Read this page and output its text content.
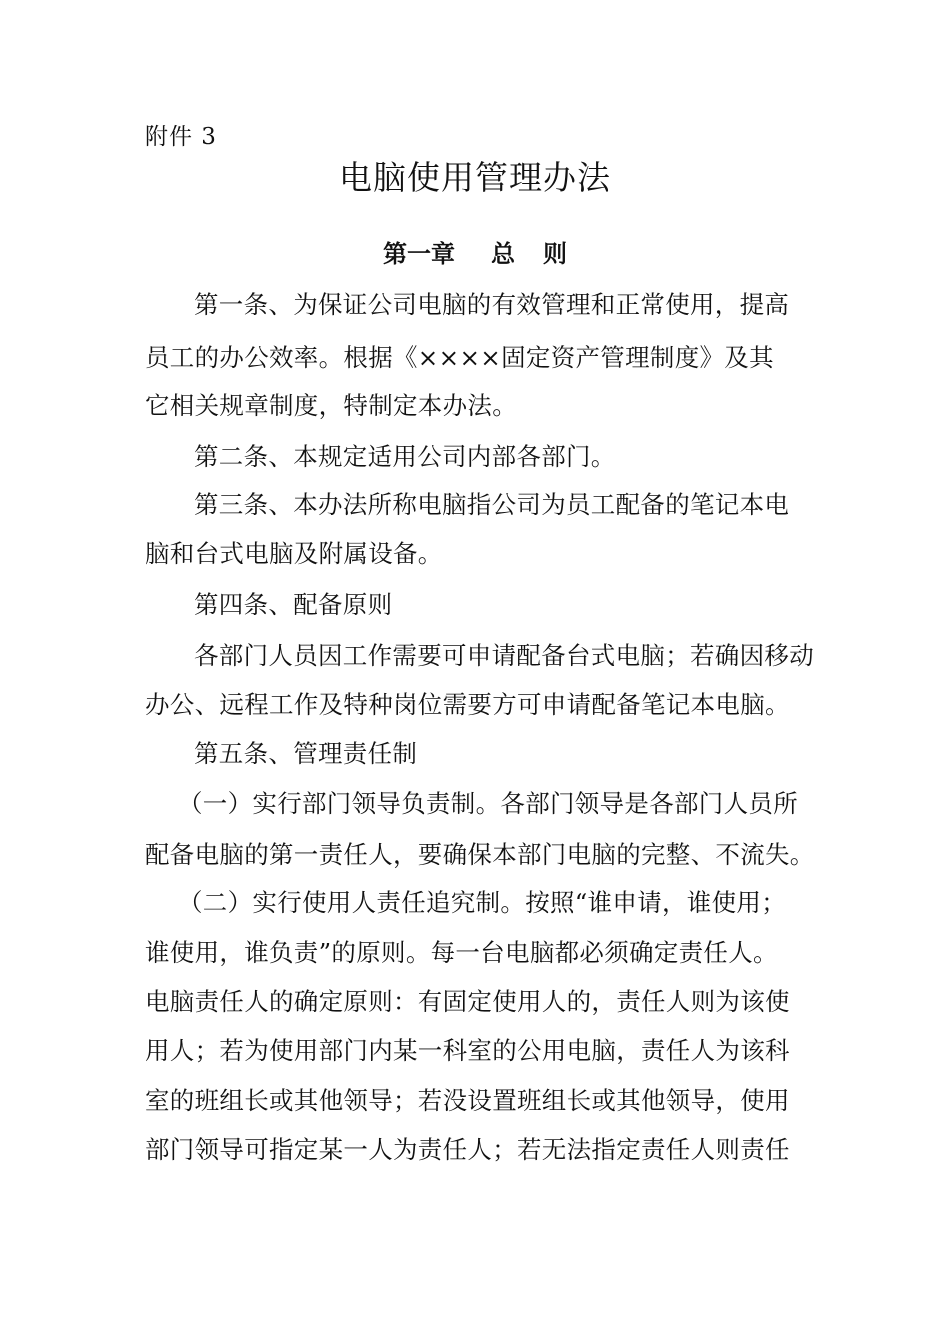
附件 3
电脑使用管理办法
第一章 总 则
第一条、为保证公司电脑的有效管理和正常使用，提高
员工的办公效率。根据《××××固定资产管理制度》及其
它相关规章制度，特制定本办法。
第二条、本规定适用公司内部各部门。
第三条、本办法所称电脑指公司为员工配备的笔记本电
脑和台式电脑及附属设备。
第四条、配备原则
各部门人员因工作需要可申请配备台式电脑；若确因移动
办公、远程工作及特种岗位需要方可申请配备笔记本电脑。
第五条、管理责任制
（一）实行部门领导负责制。各部门领导是各部门人员所
配备电脑的第一责任人，要确保本部门电脑的完整、不流失。
（二）实行使用人责任追究制。按照“谁申请，谁使用；
谁使用，谁负责”的原则。每一台电脑都必须确定责任人。
电脑责任人的确定原则：有固定使用人的，责任人则为该使
用人；若为使用部门内某一科室的公用电脑，责任人为该科
室的班组长或其他领导；若没设置班组长或其他领导，使用
部门领导可指定某一人为责任人；若无法指定责任人则责任
